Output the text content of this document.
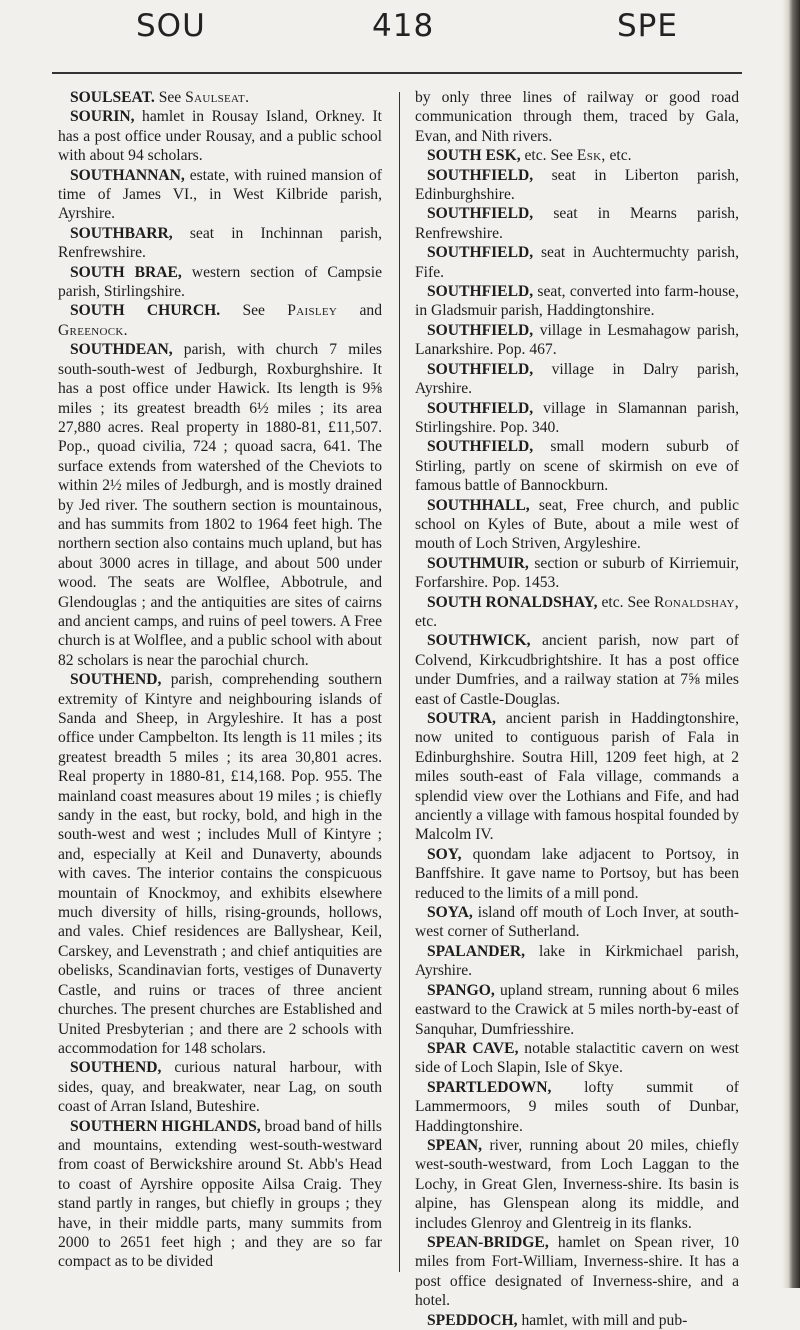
SOU	418	SPE

SOULSEAT. See Saulseat.

SOURIN, hamlet in Rousay Island, Orkney. It has a post office under Rousay, and a public school with about 94 scholars.

SOUTHANNAN, estate, with ruined mansion of time of James VI., in West Kilbride parish, Ayrshire.

SOUTHBARR, seat in Inchinnan parish, Renfrewshire.

SOUTH BRAE, western section of Campsie parish, Stirlingshire.

SOUTH CHURCH. See Paisley and Greenock.

SOUTHDEAN, parish, with church 7 miles south-south-west of Jedburgh, Roxburghshire. It has a post office under Hawick. Its length is 9⅝ miles ; its greatest breadth 6½ miles ; its area 27,880 acres. Real property in 1880-81, £11,507. Pop., quoad civilia, 724 ; quoad sacra, 641. The surface extends from watershed of the Cheviots to within 2½ miles of Jedburgh, and is mostly drained by Jed river. The southern section is mountainous, and has summits from 1802 to 1964 feet high. The northern section also contains much upland, but has about 3000 acres in tillage, and about 500 under wood. The seats are Wolflee, Abbotrule, and Glendouglas ; and the antiquities are sites of cairns and ancient camps, and ruins of peel towers. A Free church is at Wolflee, and a public school with about 82 scholars is near the parochial church.

SOUTHEND, parish, comprehending southern extremity of Kintyre and neighbouring islands of Sanda and Sheep, in Argyleshire. It has a post office under Campbelton. Its length is 11 miles ; its greatest breadth 5 miles ; its area 30,801 acres. Real property in 1880-81, £14,168. Pop. 955. The mainland coast measures about 19 miles ; is chiefly sandy in the east, but rocky, bold, and high in the south-west and west ; includes Mull of Kintyre ; and, especially at Keil and Dunaverty, abounds with caves. The interior contains the conspicuous mountain of Knockmoy, and exhibits elsewhere much diversity of hills, rising-grounds, hollows, and vales. Chief residences are Ballyshear, Keil, Carskey, and Levenstrath ; and chief antiquities are obelisks, Scandinavian forts, vestiges of Dunaverty Castle, and ruins or traces of three ancient churches. The present churches are Established and United Presbyterian ; and there are 2 schools with accommodation for 148 scholars.

SOUTHEND, curious natural harbour, with sides, quay, and breakwater, near Lag, on south coast of Arran Island, Buteshire.

SOUTHERN HIGHLANDS, broad band of hills and mountains, extending west-south-westward from coast of Berwickshire around St. Abb's Head to coast of Ayrshire opposite Ailsa Craig. They stand partly in ranges, but chiefly in groups ; they have, in their middle parts, many summits from 2000 to 2651 feet high ; and they are so far compact as to be divided

by only three lines of railway or good road communication through them, traced by Gala, Evan, and Nith rivers.

SOUTH ESK, etc. See Esk, etc.

SOUTHFIELD, seat in Liberton parish, Edinburghshire.

SOUTHFIELD, seat in Mearns parish, Renfrewshire.

SOUTHFIELD, seat in Auchtermuchty parish, Fife.

SOUTHFIELD, seat, converted into farm-house, in Gladsmuir parish, Haddingtonshire.

SOUTHFIELD, village in Lesmahagow parish, Lanarkshire. Pop. 467.

SOUTHFIELD, village in Dalry parish, Ayrshire.

SOUTHFIELD, village in Slamannan parish, Stirlingshire. Pop. 340.

SOUTHFIELD, small modern suburb of Stirling, partly on scene of skirmish on eve of famous battle of Bannockburn.

SOUTHHALL, seat, Free church, and public school on Kyles of Bute, about a mile west of mouth of Loch Striven, Argyleshire.

SOUTHMUIR, section or suburb of Kirriemuir, Forfarshire. Pop. 1453.

SOUTH RONALDSHAY, etc. See Ronaldshay, etc.

SOUTHWICK, ancient parish, now part of Colvend, Kirkcudbrightshire. It has a post office under Dumfries, and a railway station at 7⅝ miles east of Castle-Douglas.

SOUTRA, ancient parish in Haddingtonshire, now united to contiguous parish of Fala in Edinburghshire. Soutra Hill, 1209 feet high, at 2 miles south-east of Fala village, commands a splendid view over the Lothians and Fife, and had anciently a village with famous hospital founded by Malcolm IV.

SOY, quondam lake adjacent to Portsoy, in Banffshire. It gave name to Portsoy, but has been reduced to the limits of a mill pond.

SOYA, island off mouth of Loch Inver, at south-west corner of Sutherland.

SPALANDER, lake in Kirkmichael parish, Ayrshire.

SPANGO, upland stream, running about 6 miles eastward to the Crawick at 5 miles north-by-east of Sanquhar, Dumfriesshire.

SPAR CAVE, notable stalactitic cavern on west side of Loch Slapin, Isle of Skye.

SPARTLEDOWN, lofty summit of Lammermoors, 9 miles south of Dunbar, Haddingtonshire.

SPEAN, river, running about 20 miles, chiefly west-south-westward, from Loch Laggan to the Lochy, in Great Glen, Inverness-shire. Its basin is alpine, has Glenspean along its middle, and includes Glenroy and Glentreig in its flanks.

SPEAN-BRIDGE, hamlet on Spean river, 10 miles from Fort-William, Inverness-shire. It has a post office designated of Inverness-shire, and a hotel.

SPEDDOCH, hamlet, with mill and pub-
